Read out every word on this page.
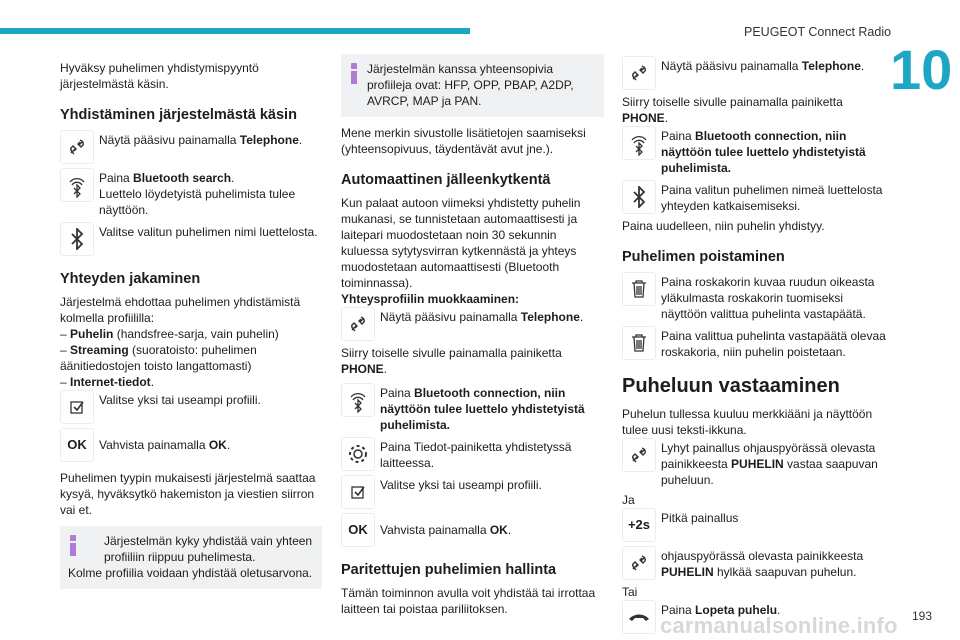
PEUGEOT Connect Radio
10

Hyväksy puhelimen yhdistymispyyntö järjestelmästä käsin.

Yhdistäminen järjestelmästä käsin
Näytä pääsivu painamalla Telephone.
Paina Bluetooth search.
Luettelo löydetyistä puhelimista tulee näyttöön.
Valitse valitun puhelimen nimi luettelosta.
Yhteyden jakaminen

Järjestelmä ehdottaa puhelimen yhdistämistä kolmella profiililla:

– Puhelin (handsfree-sarja, vain puhelin)

– Streaming (suoratoisto: puhelimen äänitiedostojen toisto langattomasti)

– Internet-tiedot.

Valitse yksi tai useampi profiili.
OK	Vahvista painamalla OK.

Puhelimen tyypin mukaisesti järjestelmä saattaa kysyä, hyväksytkö hakemiston ja viestien siirron vai et.

Järjestelmän kyky yhdistää vain yhteen profiiliin riippuu puhelimesta.

Kolme profiilia voidaan yhdistää oletusarvona.

Järjestelmän kanssa yhteensopivia profiileja ovat: HFP, OPP, PBAP, A2DP, AVRCP, MAP ja PAN.

Mene merkin sivustolle lisätietojen saamiseksi (yhteensopivuus, täydentävät avut jne.).

Automaattinen jälleenkytkentä

Kun palaat autoon viimeksi yhdistetty puhelin mukanasi, se tunnistetaan automaattisesti ja laitepari muodostetaan noin 30 sekunnin kuluessa sytytysvirran kytkennästä ja yhteys muodostetaan automaattisesti (Bluetooth toiminnassa).

Yhteysprofiilin muokkaaminen:

Näytä pääsivu painamalla Telephone.

Siirry toiselle sivulle painamalla painiketta PHONE.

Paina Bluetooth connection, niin näyttöön tulee luettelo yhdistetyistä puhelimista.
Paina Tiedot-painiketta yhdistetyssä laitteessa.
Valitse yksi tai useampi profiili.
OK	Vahvista painamalla OK.
Paritettujen puhelimien hallinta

Tämän toiminnon avulla voit yhdistää tai irrottaa laitteen tai poistaa pariliitoksen.

Näytä pääsivu painamalla Telephone.

Siirry toiselle sivulle painamalla painiketta PHONE.

Paina Bluetooth connection, niin näyttöön tulee luettelo yhdistetyistä puhelimista.
Paina valitun puhelimen nimeä luettelosta yhteyden katkaisemiseksi.

Paina uudelleen, niin puhelin yhdistyy.

Puhelimen poistaminen
Paina roskakorin kuvaa ruudun oikeasta yläkulmasta roskakorin tuomiseksi näyttöön valittua puhelinta vastapäätä.
Paina valittua puhelinta vastapäätä olevaa roskakoria, niin puhelin poistetaan.
Puheluun vastaaminen

Puhelun tullessa kuuluu merkkiääni ja näyttöön tulee uusi teksti-ikkuna.

Lyhyt painallus ohjauspyörässä olevasta painikkeesta PUHELIN vastaa saapuvan puheluun.

Ja

+2s Pitkä painallus
ohjauspyörässä olevasta painikkeesta PUHELIN hylkää saapuvan puhelun.

Tai

Paina Lopeta puhelu.	193
carmanualsonline.info
